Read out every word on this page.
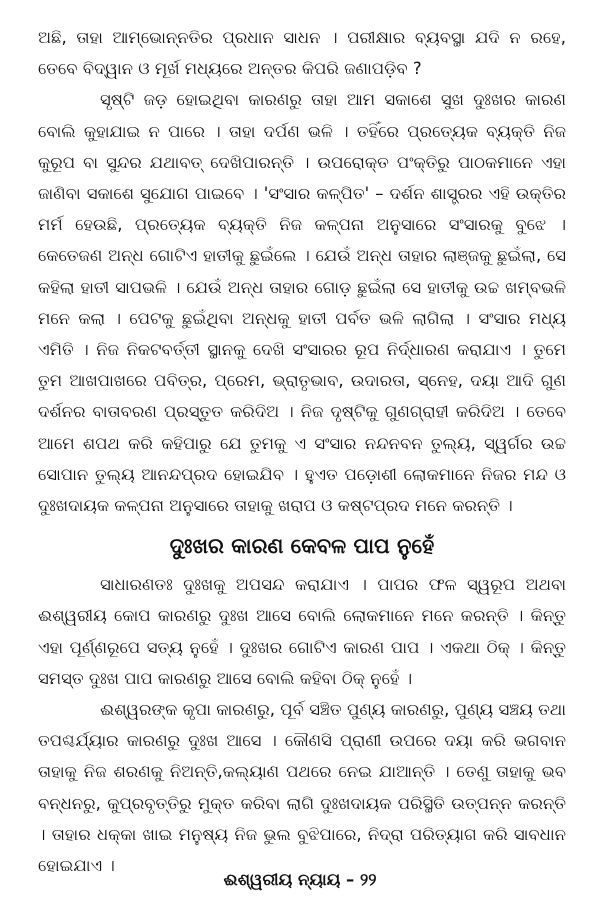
ଅଛି, ତାହା ଆମ୍ଭୋନ୍ନତିର ପ୍ରଧାନ ସାଧନ । ପରୀକ୍ଷାର ବ୍ୟବସ୍ଥା ଯଦି ନ ରହେ, ତେବେ ବିଦ୍ୱାନ ଓ ମୂର୍ଖ ମଧ୍ୟରେ ଅନ୍ତର କିପରି ଜଣାପଡ଼ିବ ?

ସୃଷ୍ଟି ଜଡ଼ ହୋଇଥିବା କାରଣରୁ ତାହା ଆମ ସକାଶେ ସୁଖ ଦୁଃଖର କାରଣ ବୋଲି କୁହାଯାଇ ନ ପାରେ । ତାହା ଦର୍ପଣ ଭଳି । ତହିଁରେ ପ୍ରତ୍ୟେକ ବ୍ୟକ୍ତି ନିଜ କୁରୂପ ବା ସୁନ୍ଦର ଯଥାବତ୍ ଦେଖିପାରନ୍ତି । ଉପରୋକ୍ତ ପଂକ୍ତିରୁ ପାଠକମାନେ ଏହା ଜାଣିବା ସକାଶେ ସୁଯୋଗ ପାଇବେ । 'ସଂସାର କଳ୍ପିତ' – ଦର୍ଶନ ଶାସ୍ତ୍ରର ଏହି ଉକ୍ତିର ମର୍ମ ହେଉଛି, ପ୍ରତ୍ୟେକ ବ୍ୟକ୍ତି ନିଜ କଳ୍ପନା ଅନୁସାରେ ସଂସାରକୁ ବୁଝେ । କେତେଜଣ ଅନ୍ଧ ଗୋଟିଏ ହାତୀକୁ ଛୁଇଁଲେ । ଯେଉଁ ଅନ୍ଧ ତାହାର ଲାଞ୍ଜକୁ ଛୁଇଁଲା, ସେ କହିଲା ହାତୀ ସାପଭଳି । ଯେଉଁ ଅନ୍ଧ ତାହାର ଗୋଡ଼ ଛୁଇଁଲା ସେ ହାତୀକୁ ଉଚ୍ଚ ଖମ୍ବଭଳି ମନେ କଲା । ପେଟକୁ ଛୁଇଁଥିବା ଅନ୍ଧକୁ ହାତୀ ପର୍ବତ ଭଳି ଲାଗିଲା । ସଂସାର ମଧ୍ୟ ଏମିତି । ନିଜ ନିକଟବର୍ତ୍ତୀ ସ୍ଥାନକୁ ଦେଖି ସଂସାରର ରୂପ ନିର୍ଦ୍ଧାରଣ କରାଯାଏ । ତୁମେ ତୁମ ଆଖପାଖରେ ପବିତ୍ର, ପ୍ରେମ, ଭ୍ରାତୃଭାବ, ଉଦାରତା, ସ୍ନେହ, ଦୟା ଆଦି ଗୁଣ ଦର୍ଶନର ବାତାବରଣ ପ୍ରସ୍ତୁତ କରିଦିଅ । ନିଜ ଦୃଷ୍ଟିକୁ ଗୁଣଗ୍ରାହୀ କରିଦିଅ । ତେବେ ଆମେ ଶପଥ କରି କହିପାରୁ ଯେ ତୁମକୁ ଏ ସଂସାର ନନ୍ଦନବନ ତୁଲ୍ୟ, ସ୍ୱର୍ଗର ଉଚ୍ଚ ସୋପାନ ତୁଲ୍ୟ ଆନନ୍ଦପ୍ରଦ ହୋଇଯିବ । ହୁଏତ ପଡ଼ୋଶୀ ଲୋକମାନେ ନିଜର ମନ୍ଦ ଓ ଦୁଃଖଦାୟକ କଳ୍ପନା ଅନୁସାରେ ତାହାକୁ ଖରାପ ଓ କଷ୍ଟପ୍ରଦ ମନେ କରନ୍ତି ।

ଦୁଃଖର କାରଣ କେବଳ ପାପ ନୁହେଁ

ସାଧାରଣତଃ ଦୁଃଖକୁ ଅପସନ୍ଦ କରାଯାଏ । ପାପର ଫଳ ସ୍ୱରୂପ ଅଥବା ଈଶ୍ୱରୀୟ କୋପ କାରଣରୁ ଦୁଃଖ ଆସେ ବୋଲି ଲୋକମାନେ ମନେ କରନ୍ତି । କିନ୍ତୁ ଏହା ପୂର୍ଣ୍ଣରୂପେ ସତ୍ୟ ନୁହେଁ । ଦୁଃଖର ଗୋଟିଏ କାରଣ ପାପ । ଏକଥା ଠିକ୍ । କିନ୍ତୁ ସମସ୍ତ ଦୁଃଖ ପାପ କାରଣରୁ ଆସେ ବୋଲି କହିବା ଠିକ୍ ନୁହେଁ ।

ଈଶ୍ୱରଙ୍କ କୃପା କାରଣରୁ, ପୂର୍ବ ସଞ୍ଚିତ ପୁଣ୍ୟ କାରଣରୁ, ପୁଣ୍ୟ ସଞ୍ଚୟ ତଥା ତପଶ୍ଚର୍ଯ୍ୟାର କାରଣରୁ ଦୁଃଖ ଆସେ । କୌଣସି ପ୍ରାଣୀ ଉପରେ ଦୟା କରି ଭଗବାନ ତାହାକୁ ନିଜ ଶରଣକୁ ନିଅନ୍ତି,କଲ୍ୟାଣ ପଥରେ ନେଇ ଯାଆନ୍ତି । ତେଣୁ ତାହାକୁ ଭବ ବନ୍ଧନରୁ, କୁପ୍ରବୃତ୍ତିରୁ ମୁକ୍ତ କରିବା ଲାଗି ଦୁଃଖଦାୟକ ପରିସ୍ଥିତି ଉତ୍ପନ୍ନ କରନ୍ତି । ତାହାର ଧକ୍କା ଖାଇ ମନୁଷ୍ୟ ନିଜ ଭୁଲ ବୁଝିପାରେ, ନିଦ୍ରା ପରିତ୍ୟାଗ କରି ସାବଧାନ ହୋଇଯାଏ ।

ଈଶ୍ୱରୀୟ ନ୍ୟାୟ – ୨୨
